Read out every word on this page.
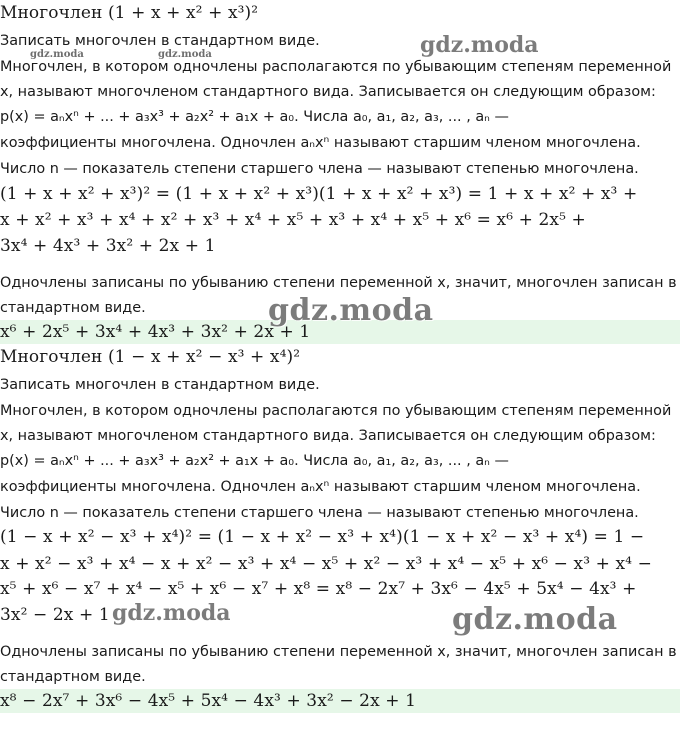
Многочлен (1 + x + x² + x³)²
Записать многочлен в стандартном виде.
Многочлен, в котором одночлены располагаются по убывающим степеням переменной
x, называют многочленом стандартного вида. Записывается он следующим образом:
p(x) = aₙxⁿ + ... + a₃x³ + a₂x² + a₁x + a₀. Числа a₀, a₁, a₂, a₃, ... , aₙ —
коэффициенты многочлена. Одночлен aₙxⁿ называют старшим членом многочлена.
Число n — показатель степени старшего члена — называют степенью многочлена.
(1 + x + x² + x³)² = (1 + x + x² + x³)(1 + x + x² + x³) = 1 + x + x² + x³ +
x + x² + x³ + x⁴ + x² + x³ + x⁴ + x⁵ + x³ + x⁴ + x⁵ + x⁶ = x⁶ + 2x⁵ +
3x⁴ + 4x³ + 3x² + 2x + 1
Одночлены записаны по убыванию степени переменной x, значит, многочлен записан в
стандартном виде.
x⁶ + 2x⁵ + 3x⁴ + 4x³ + 3x² + 2x + 1
Многочлен (1 − x + x² − x³ + x⁴)²
Записать многочлен в стандартном виде.
Многочлен, в котором одночлены располагаются по убывающим степеням переменной
x, называют многочленом стандартного вида. Записывается он следующим образом:
p(x) = aₙxⁿ + ... + a₃x³ + a₂x² + a₁x + a₀. Числа a₀, a₁, a₂, a₃, ... , aₙ —
коэффициенты многочлена. Одночлен aₙxⁿ называют старшим членом многочлена.
Число n — показатель степени старшего члена — называют степенью многочлена.
(1 − x + x² − x³ + x⁴)² = (1 − x + x² − x³ + x⁴)(1 − x + x² − x³ + x⁴) = 1 −
x + x² − x³ + x⁴ − x + x² − x³ + x⁴ − x⁵ + x² − x³ + x⁴ − x⁵ + x⁶ − x³ + x⁴ −
x⁵ + x⁶ − x⁷ + x⁴ − x⁵ + x⁶ − x⁷ + x⁸ = x⁸ − 2x⁷ + 3x⁶ − 4x⁵ + 5x⁴ − 4x³ +
3x² − 2x + 1
Одночлены записаны по убыванию степени переменной x, значит, многочлен записан в
стандартном виде.
x⁸ − 2x⁷ + 3x⁶ − 4x⁵ + 5x⁴ − 4x³ + 3x² − 2x + 1
gdz.moda	gdz.moda	gdz.moda
gdz.moda
gdz.moda	gdz.moda
